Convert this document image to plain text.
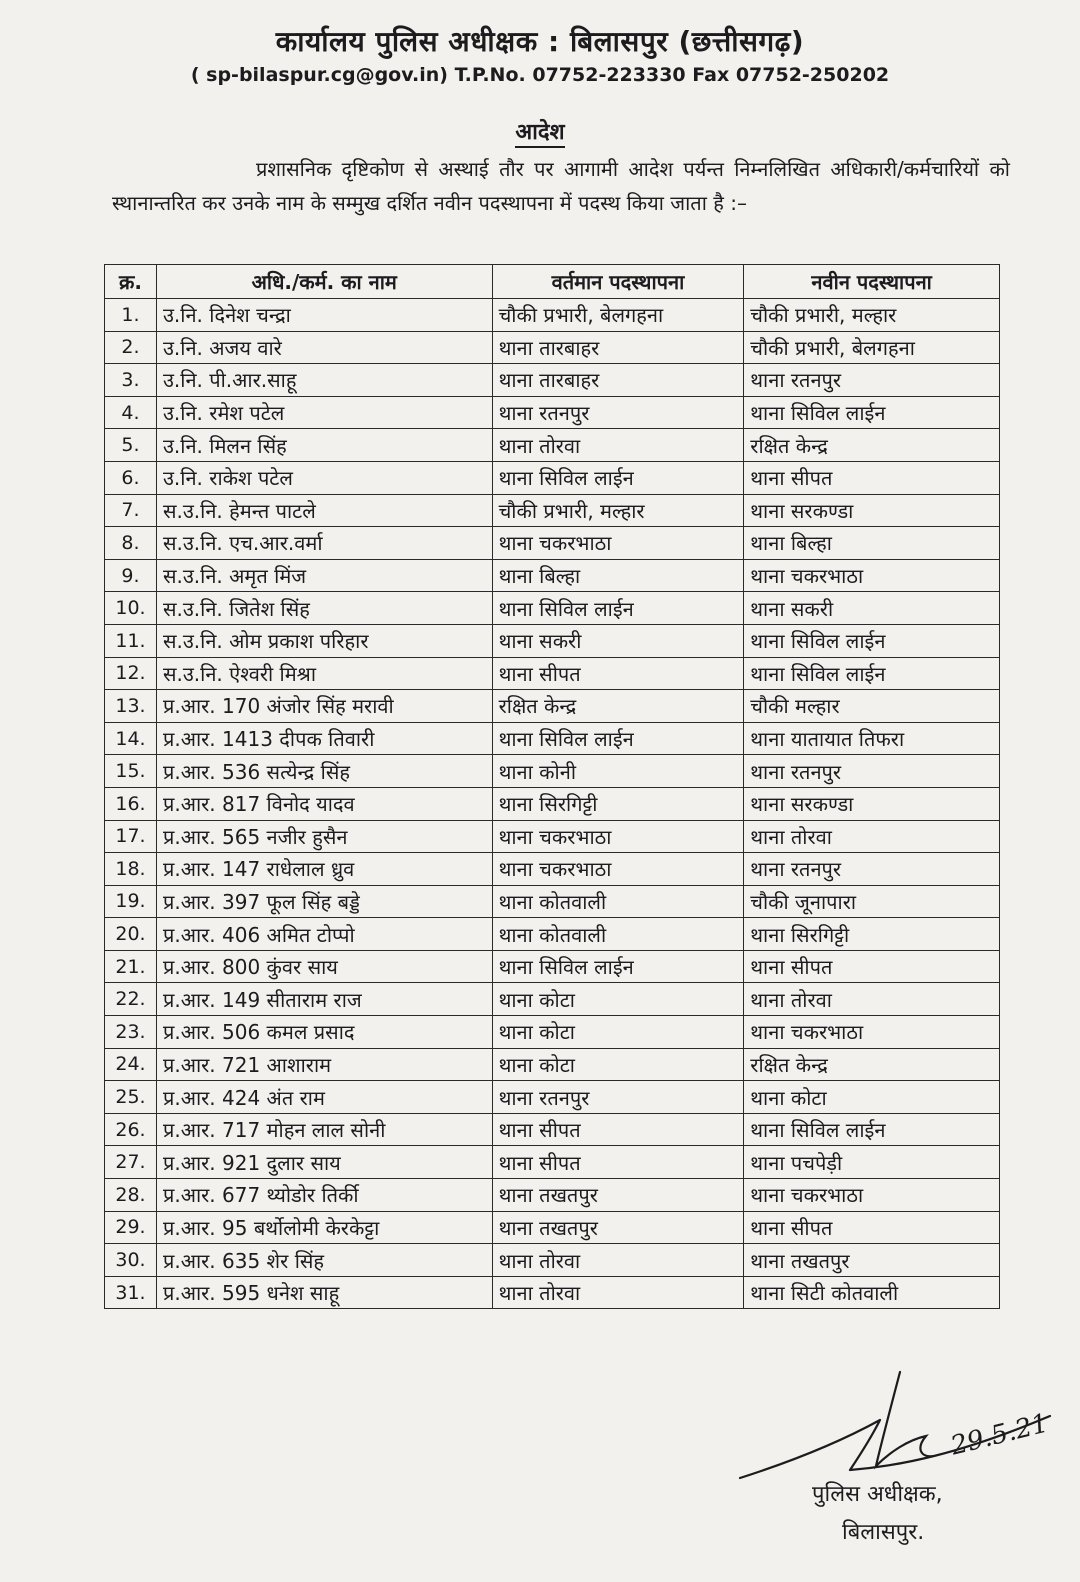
कार्यालय पुलिस अधीक्षक : बिलासपुर (छत्तीसगढ़)
( sp-bilaspur.cg@gov.in) T.P.No. 07752-223330 Fax 07752-250202
आदेश
प्रशासनिक दृष्टिकोण से अस्थाई तौर पर आगामी आदेश पर्यन्त निम्नलिखित अधिकारी/कर्मचारियों को स्थानान्तरित कर उनके नाम के सम्मुख दर्शित नवीन पदस्थापना में पदस्थ किया जाता है :–
क्र.	अधि./कर्म. का नाम	वर्तमान पदस्थापना	नवीन पदस्थापना
1.	उ.नि. दिनेश चन्द्रा	चौकी प्रभारी, बेलगहना	चौकी प्रभारी, मल्हार
2.	उ.नि. अजय वारे	थाना तारबाहर	चौकी प्रभारी, बेलगहना
3.	उ.नि. पी.आर.साहू	थाना तारबाहर	थाना रतनपुर
4.	उ.नि. रमेश पटेल	थाना रतनपुर	थाना सिविल लाईन
5.	उ.नि. मिलन सिंह	थाना तोरवा	रक्षित केन्द्र
6.	उ.नि. राकेश पटेल	थाना सिविल लाईन	थाना सीपत
7.	स.उ.नि. हेमन्त पाटले	चौकी प्रभारी, मल्हार	थाना सरकण्डा
8.	स.उ.नि. एच.आर.वर्मा	थाना चकरभाठा	थाना बिल्हा
9.	स.उ.नि. अमृत मिंज	थाना बिल्हा	थाना चकरभाठा
10.	स.उ.नि. जितेश सिंह	थाना सिविल लाईन	थाना सकरी
11.	स.उ.नि. ओम प्रकाश परिहार	थाना सकरी	थाना सिविल लाईन
12.	स.उ.नि. ऐश्वरी मिश्रा	थाना सीपत	थाना सिविल लाईन
13.	प्र.आर. 170 अंजोर सिंह मरावी	रक्षित केन्द्र	चौकी मल्हार
14.	प्र.आर. 1413 दीपक तिवारी	थाना सिविल लाईन	थाना यातायात तिफरा
15.	प्र.आर. 536 सत्येन्द्र सिंह	थाना कोनी	थाना रतनपुर
16.	प्र.आर. 817 विनोद यादव	थाना सिरगिट्टी	थाना सरकण्डा
17.	प्र.आर. 565 नजीर हुसैन	थाना चकरभाठा	थाना तोरवा
18.	प्र.आर. 147 राधेलाल ध्रुव	थाना चकरभाठा	थाना रतनपुर
19.	प्र.आर. 397 फूल सिंह बड्डे	थाना कोतवाली	चौकी जूनापारा
20.	प्र.आर. 406 अमित टोप्पो	थाना कोतवाली	थाना सिरगिट्टी
21.	प्र.आर. 800 कुंवर साय	थाना सिविल लाईन	थाना सीपत
22.	प्र.आर. 149 सीताराम राज	थाना कोटा	थाना तोरवा
23.	प्र.आर. 506 कमल प्रसाद	थाना कोटा	थाना चकरभाठा
24.	प्र.आर. 721 आशाराम	थाना कोटा	रक्षित केन्द्र
25.	प्र.आर. 424 अंत राम	थाना रतनपुर	थाना कोटा
26.	प्र.आर. 717 मोहन लाल सोनी	थाना सीपत	थाना सिविल लाईन
27.	प्र.आर. 921 दुलार साय	थाना सीपत	थाना पचपेड़ी
28.	प्र.आर. 677 थ्योडोर तिर्की	थाना तखतपुर	थाना चकरभाठा
29.	प्र.आर. 95 बर्थोलोमी केरकेट्टा	थाना तखतपुर	थाना सीपत
30.	प्र.आर. 635 शेर सिंह	थाना तोरवा	थाना तखतपुर
31.	प्र.आर. 595 धनेश साहू	थाना तोरवा	थाना सिटी कोतवाली
29.5.21
पुलिस अधीक्षक,
बिलासपुर.
